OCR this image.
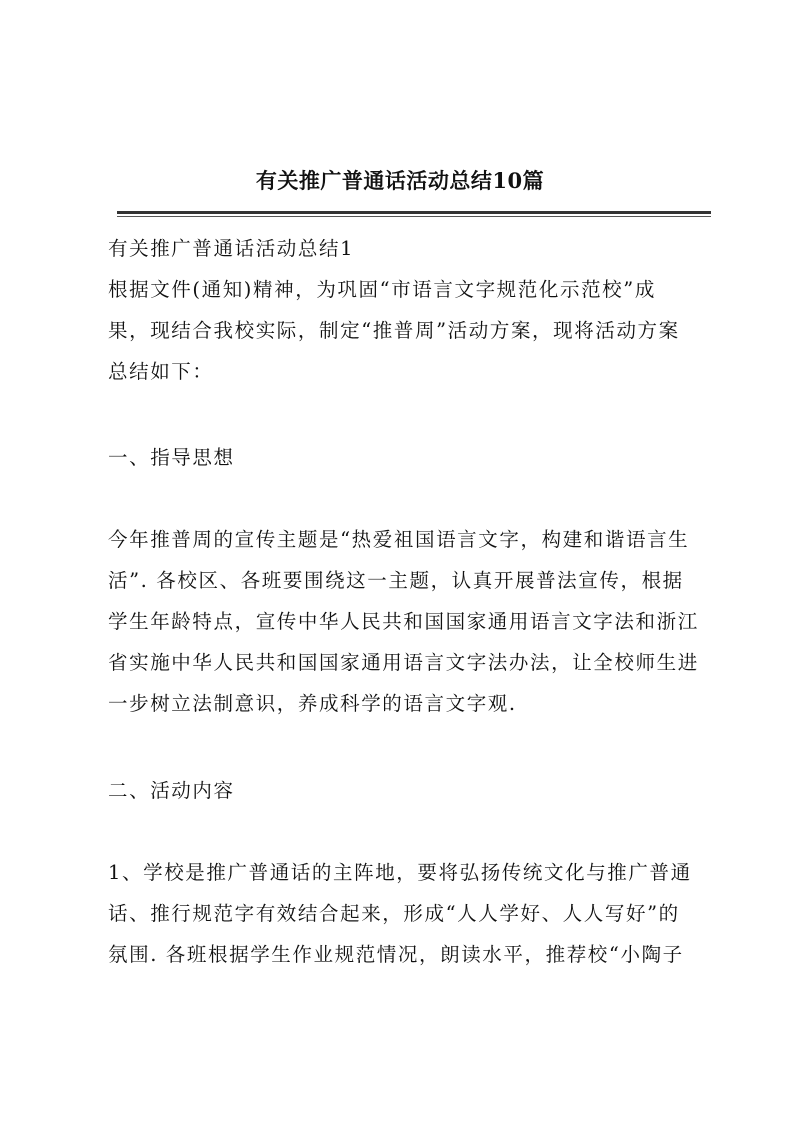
有关推广普通话活动总结10篇
有关推广普通话活动总结1
根据文件(通知)精神，为巩固“市语言文字规范化示范校”成
果，现结合我校实际，制定“推普周”活动方案，现将活动方案
总结如下：
一、指导思想
今年推普周的宣传主题是“热爱祖国语言文字，构建和谐语言生
活”. 各校区、各班要围绕这一主题，认真开展普法宣传，根据
学生年龄特点，宣传中华人民共和国国家通用语言文字法和浙江
省实施中华人民共和国国家通用语言文字法办法，让全校师生进
一步树立法制意识，养成科学的语言文字观.
二、活动内容
1、学校是推广普通话的主阵地，要将弘扬传统文化与推广普通
话、推行规范字有效结合起来，形成“人人学好、人人写好”的
氛围. 各班根据学生作业规范情况，朗读水平，推荐校“小陶子
